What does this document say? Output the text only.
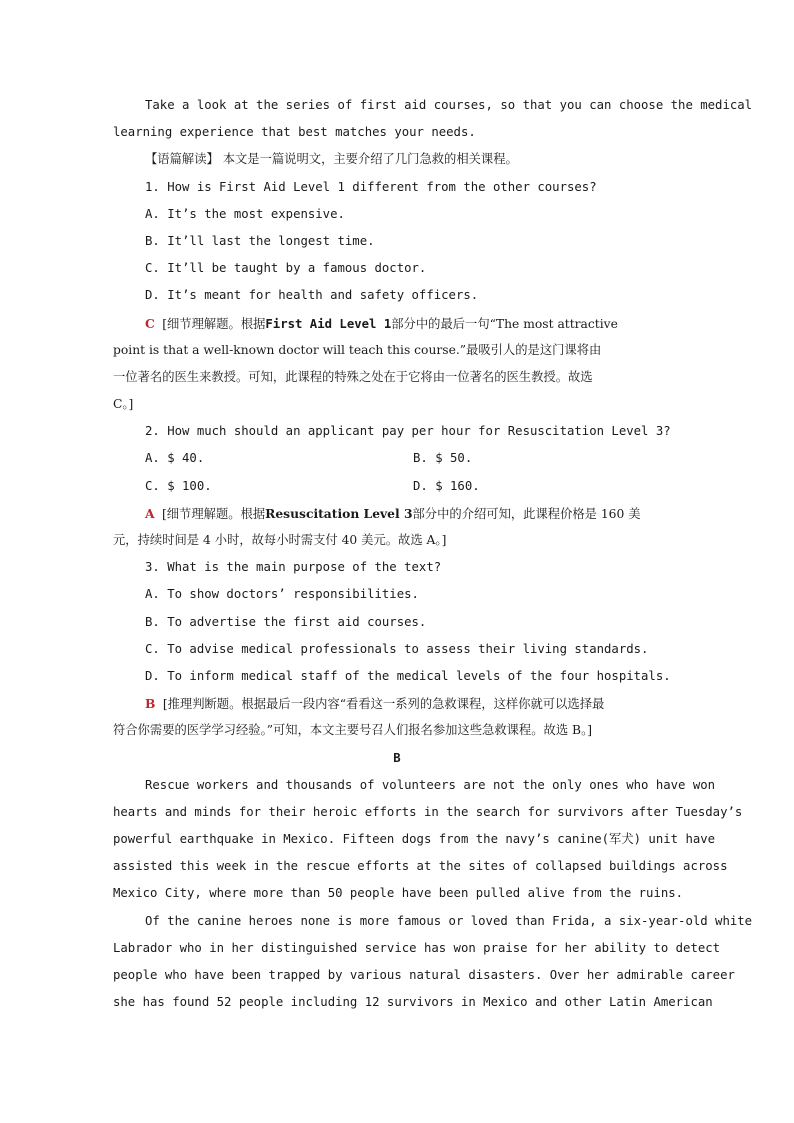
Take a look at the series of first aid courses, so that you can choose the medical
learning experience that best matches your needs.
【语篇解读】 本文是一篇说明文，主要介绍了几门急救的相关课程。
1. How is First Aid Level 1 different from the other courses?
A. It’s the most expensive.
B. It’ll last the longest time.
C. It’ll be taught by a famous doctor.
D. It’s meant for health and safety officers.
C [细节理解题。根据First Aid Level 1部分中的最后一句“The most attractive
point is that a well-known doctor will teach this course.”最吸引人的是这门课将由
一位著名的医生来教授。可知，此课程的特殊之处在于它将由一位著名的医生教授。故选
C。]
2. How much should an applicant pay per hour for Resuscitation Level 3?
A. $ 40.	B. $ 50.
C. $ 100.	D. $ 160.
A [细节理解题。根据Resuscitation Level 3部分中的介绍可知，此课程价格是 160 美
元，持续时间是 4 小时，故每小时需支付 40 美元。故选 A。]
3. What is the main purpose of the text?
A. To show doctors’ responsibilities.
B. To advertise the first aid courses.
C. To advise medical professionals to assess their living standards.
D. To inform medical staff of the medical levels of the four hospitals.
B [推理判断题。根据最后一段内容“看看这一系列的急救课程，这样你就可以选择最
符合你需要的医学学习经验。”可知，本文主要号召人们报名参加这些急救课程。故选 B。]
B
Rescue workers and thousands of volunteers are not the only ones who have won
hearts and minds for their heroic efforts in the search for survivors after Tuesday’s
powerful earthquake in Mexico. Fifteen dogs from the navy’s canine(军犬) unit have
assisted this week in the rescue efforts at the sites of collapsed buildings across
Mexico City, where more than 50 people have been pulled alive from the ruins.
Of the canine heroes none is more famous or loved than Frida, a six-year-old white
Labrador who in her distinguished service has won praise for her ability to detect
people who have been trapped by various natural disasters. Over her admirable career
she has found 52 people including 12 survivors in Mexico and other Latin American
